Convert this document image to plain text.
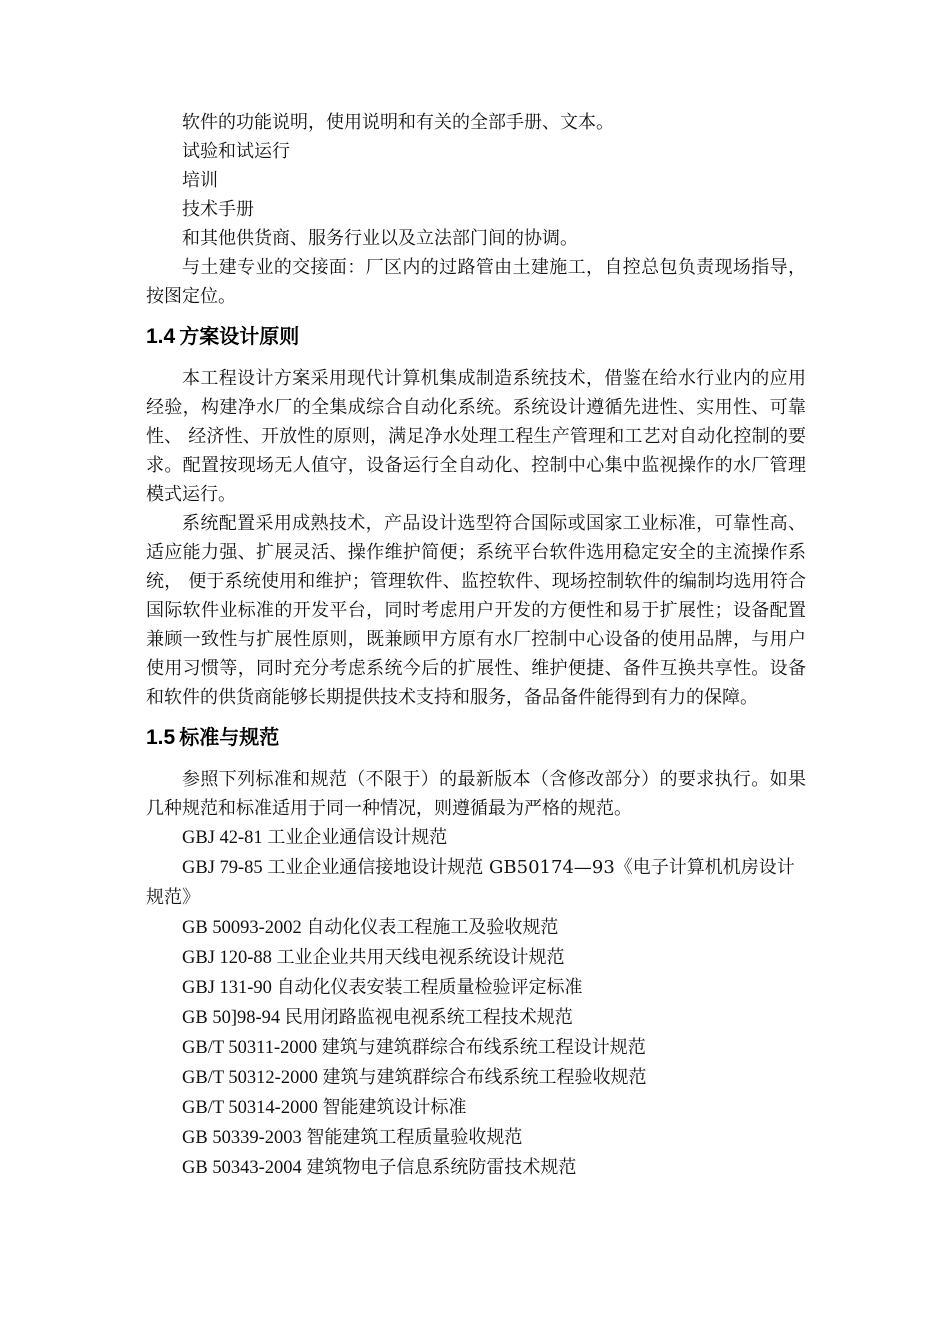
软件的功能说明，使用说明和有关的全部手册、文本。

试验和试运行

培训

技术手册

和其他供货商、服务行业以及立法部门间的协调。

与土建专业的交接面：厂区内的过路管由土建施工，自控总包负责现场指导，按图定位。

1.4 方案设计原则

本工程设计方案采用现代计算机集成制造系统技术，借鉴在给水行业内的应用经验，构建净水厂的全集成综合自动化系统。系统设计遵循先进性、实用性、可靠性、 经济性、开放性的原则，满足净水处理工程生产管理和工艺对自动化控制的要求。配置按现场无人值守，设备运行全自动化、控制中心集中监视操作的水厂管理模式运行。

系统配置采用成熟技术，产品设计选型符合国际或国家工业标准，可靠性高、适应能力强、扩展灵活、操作维护简便；系统平台软件选用稳定安全的主流操作系统， 便于系统使用和维护；管理软件、监控软件、现场控制软件的编制均选用符合国际软件业标准的开发平台，同时考虑用户开发的方便性和易于扩展性；设备配置兼顾一致性与扩展性原则，既兼顾甲方原有水厂控制中心设备的使用品牌，与用户使用习惯等，同时充分考虑系统今后的扩展性、维护便捷、备件互换共享性。设备和软件的供货商能够长期提供技术支持和服务，备品备件能得到有力的保障。

1.5 标准与规范

参照下列标准和规范（不限于）的最新版本（含修改部分）的要求执行。如果几种规范和标准适用于同一种情况，则遵循最为严格的规范。

GBJ 42-81 工业企业通信设计规范

GBJ 79-85 工业企业通信接地设计规范 GB50174—93《电子计算机机房设计规范》

GB 50093-2002 自动化仪表工程施工及验收规范

GBJ 120-88 工业企业共用天线电视系统设计规范

GBJ 131-90 自动化仪表安装工程质量检验评定标准

GB 50]98-94 民用闭路监视电视系统工程技术规范

GB/T 50311-2000 建筑与建筑群综合布线系统工程设计规范

GB/T 50312-2000 建筑与建筑群综合布线系统工程验收规范

GB/T 50314-2000 智能建筑设计标准

GB 50339-2003 智能建筑工程质量验收规范

GB 50343-2004 建筑物电子信息系统防雷技术规范
